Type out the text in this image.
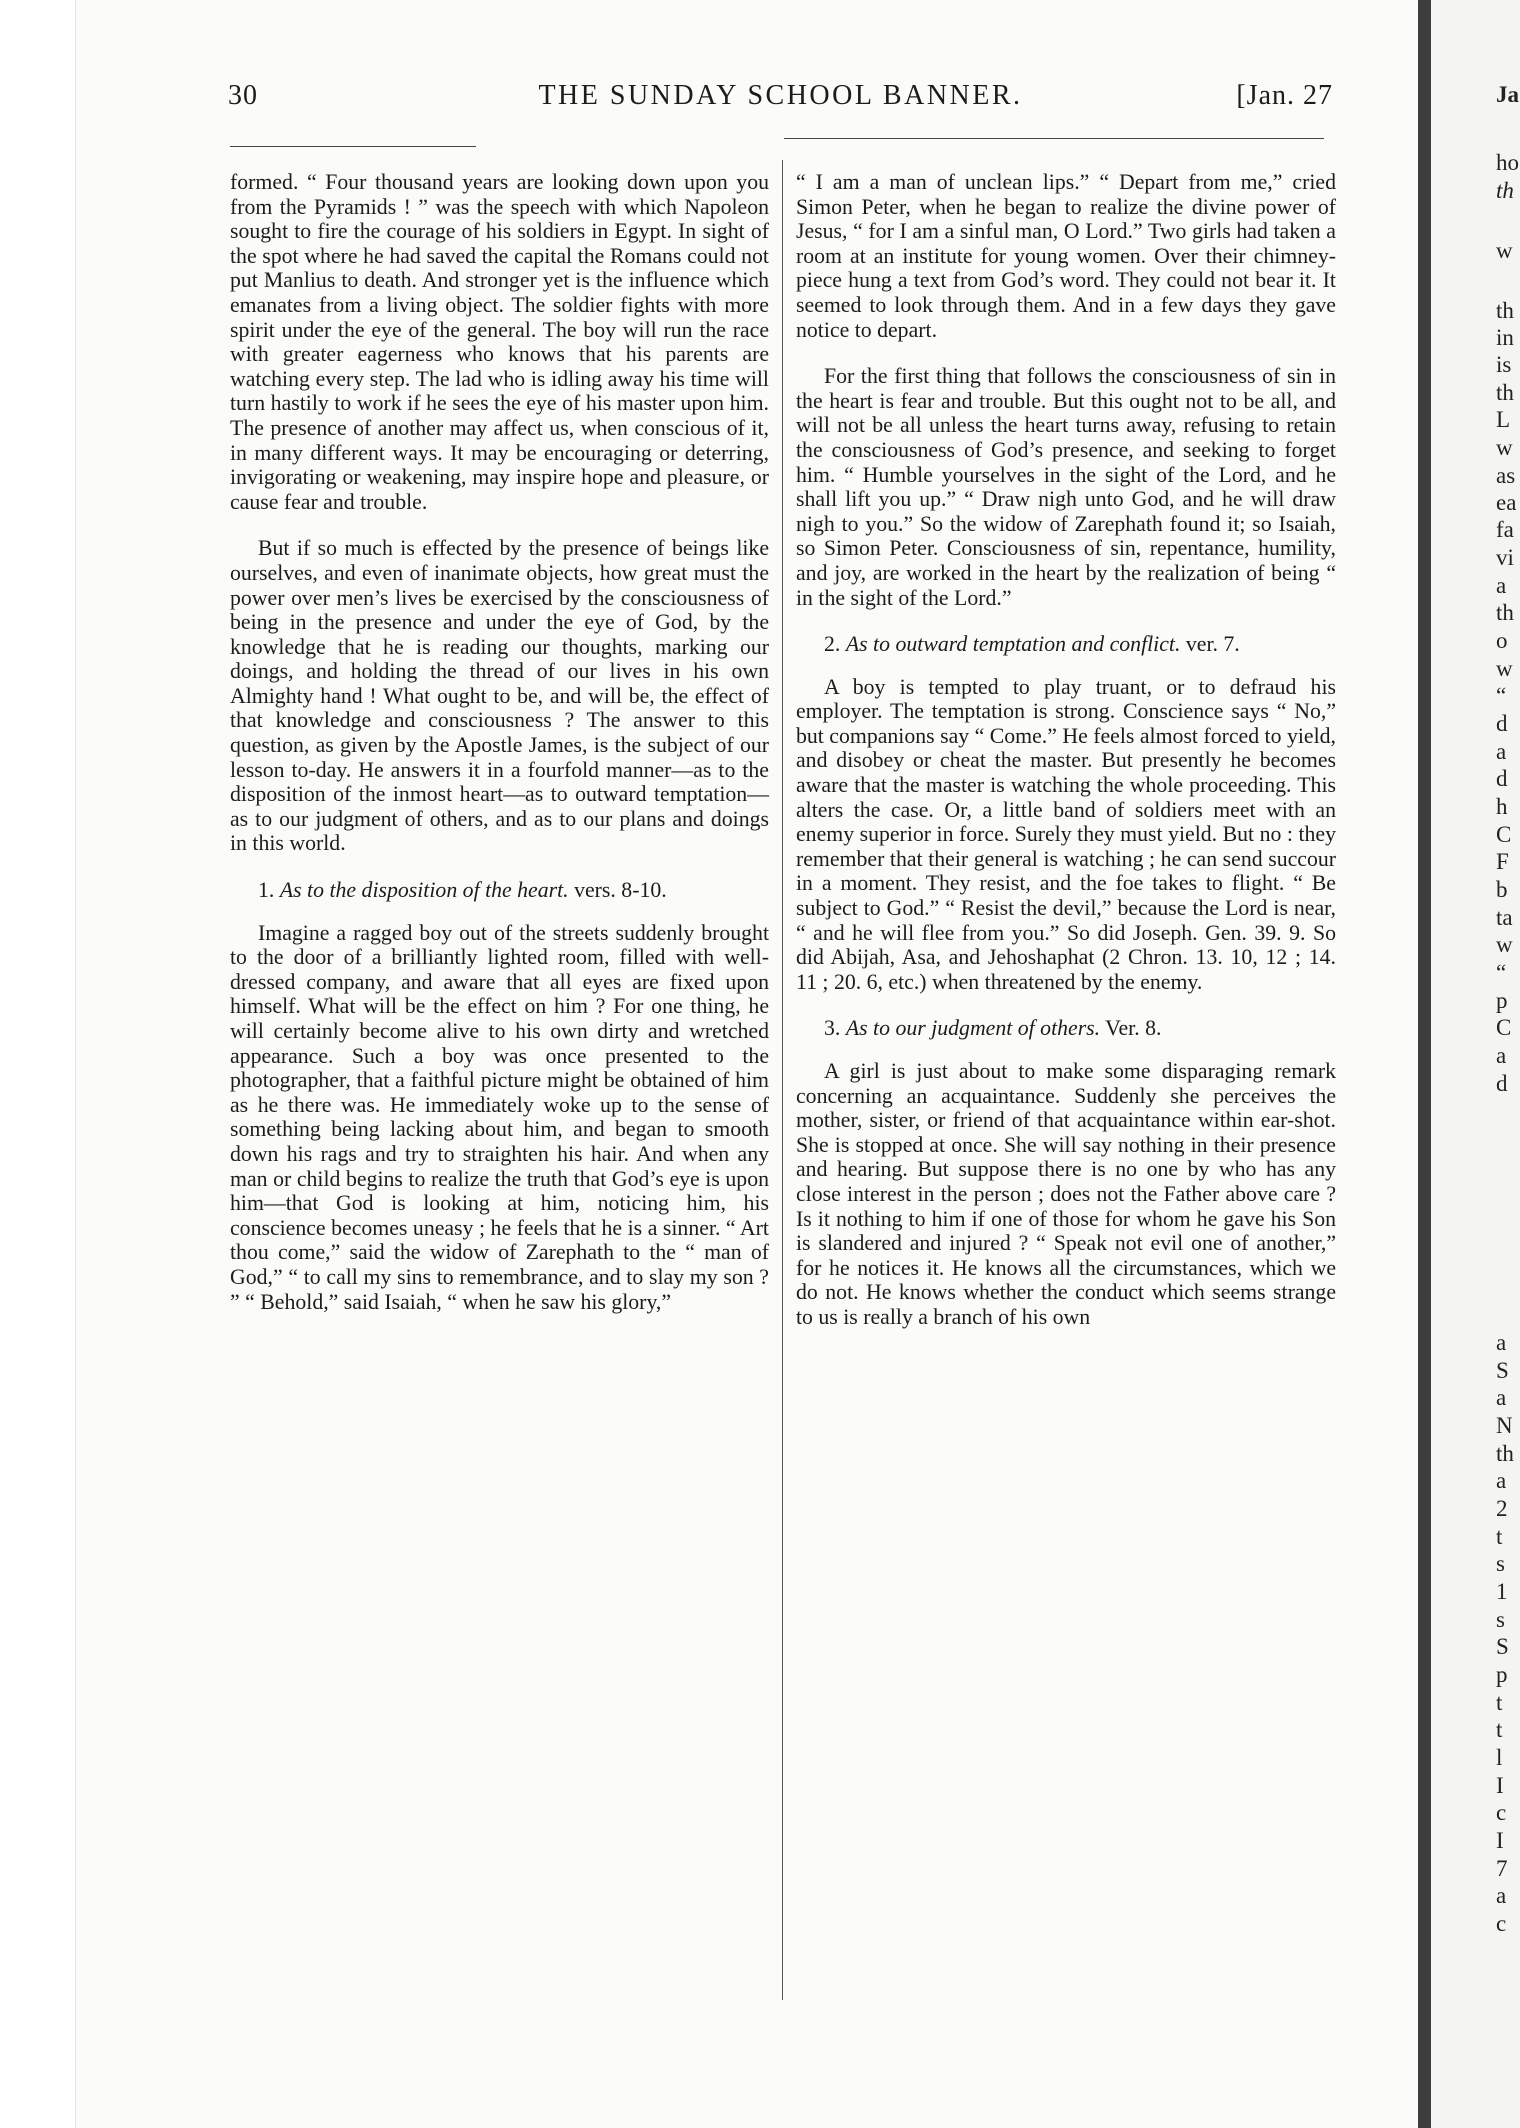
Ja
ho
th
w
th
in
is
th
L
w
as
ea
fa
vi
a
th
o
w
“
d
a
d
h
C
F
b
ta
w
“
p
C
a
d
a
S
a
N
th
a
2
t
s
1
s
S
p
t
t
l
I
c
I
7
a
c
30	THE SUNDAY SCHOOL BANNER.	[Jan. 27

formed. “ Four thousand years are looking down upon you from the Pyramids ! ” was the speech with which Napoleon sought to fire the courage of his soldiers in Egypt. In sight of the spot where he had saved the capital the Romans could not put Manlius to death. And stronger yet is the influence which emanates from a living object. The soldier fights with more spirit under the eye of the general. The boy will run the race with greater eagerness who knows that his parents are watching every step. The lad who is idling away his time will turn hastily to work if he sees the eye of his master upon him. The presence of another may affect us, when conscious of it, in many different ways. It may be encouraging or deterring, invigorating or weakening, may inspire hope and pleasure, or cause fear and trouble.

But if so much is effected by the presence of beings like ourselves, and even of inanimate objects, how great must the power over men’s lives be exercised by the consciousness of being in the presence and under the eye of God, by the knowledge that he is reading our thoughts, marking our doings, and holding the thread of our lives in his own Almighty hand ! What ought to be, and will be, the effect of that knowledge and consciousness ? The answer to this question, as given by the Apostle James, is the subject of our lesson to-day. He answers it in a fourfold manner—as to the disposition of the inmost heart—as to outward temptation—as to our judgment of others, and as to our plans and doings in this world.

1. As to the disposition of the heart. vers. 8-10.

Imagine a ragged boy out of the streets suddenly brought to the door of a brilliantly lighted room, filled with well-dressed company, and aware that all eyes are fixed upon himself. What will be the effect on him ? For one thing, he will certainly become alive to his own dirty and wretched appearance. Such a boy was once presented to the photographer, that a faithful picture might be obtained of him as he there was. He immediately woke up to the sense of something being lacking about him, and began to smooth down his rags and try to straighten his hair. And when any man or child begins to realize the truth that God’s eye is upon him—that God is looking at him, noticing him, his conscience becomes uneasy ; he feels that he is a sinner. “ Art thou come,” said the widow of Zarephath to the “ man of God,” “ to call my sins to remembrance, and to slay my son ? ” “ Behold,” said Isaiah, “ when he saw his glory,”

“ I am a man of unclean lips.” “ Depart from me,” cried Simon Peter, when he began to realize the divine power of Jesus, “ for I am a sinful man, O Lord.” Two girls had taken a room at an institute for young women. Over their chimney-piece hung a text from God’s word. They could not bear it. It seemed to look through them. And in a few days they gave notice to depart.

For the first thing that follows the consciousness of sin in the heart is fear and trouble. But this ought not to be all, and will not be all unless the heart turns away, refusing to retain the consciousness of God’s presence, and seeking to forget him. “ Humble yourselves in the sight of the Lord, and he shall lift you up.” “ Draw nigh unto God, and he will draw nigh to you.” So the widow of Zarephath found it; so Isaiah, so Simon Peter. Consciousness of sin, repentance, humility, and joy, are worked in the heart by the realization of being “ in the sight of the Lord.”

2. As to outward temptation and conflict. ver. 7.

A boy is tempted to play truant, or to defraud his employer. The temptation is strong. Conscience says “ No,” but companions say “ Come.” He feels almost forced to yield, and disobey or cheat the master. But presently he becomes aware that the master is watching the whole proceeding. This alters the case. Or, a little band of soldiers meet with an enemy superior in force. Surely they must yield. But no : they remember that their general is watching ; he can send succour in a moment. They resist, and the foe takes to flight. “ Be subject to God.” “ Resist the devil,” because the Lord is near, “ and he will flee from you.” So did Joseph. Gen. 39. 9. So did Abijah, Asa, and Jehoshaphat (2 Chron. 13. 10, 12 ; 14. 11 ; 20. 6, etc.) when threatened by the enemy.

3. As to our judgment of others. Ver. 8.

A girl is just about to make some disparaging remark concerning an acquaintance. Suddenly she perceives the mother, sister, or friend of that acquaintance within ear-shot. She is stopped at once. She will say nothing in their presence and hearing. But suppose there is no one by who has any close interest in the person ; does not the Father above care ? Is it nothing to him if one of those for whom he gave his Son is slandered and injured ? “ Speak not evil one of another,” for he notices it. He knows all the circumstances, which we do not. He knows whether the conduct which seems strange to us is really a branch of his own
